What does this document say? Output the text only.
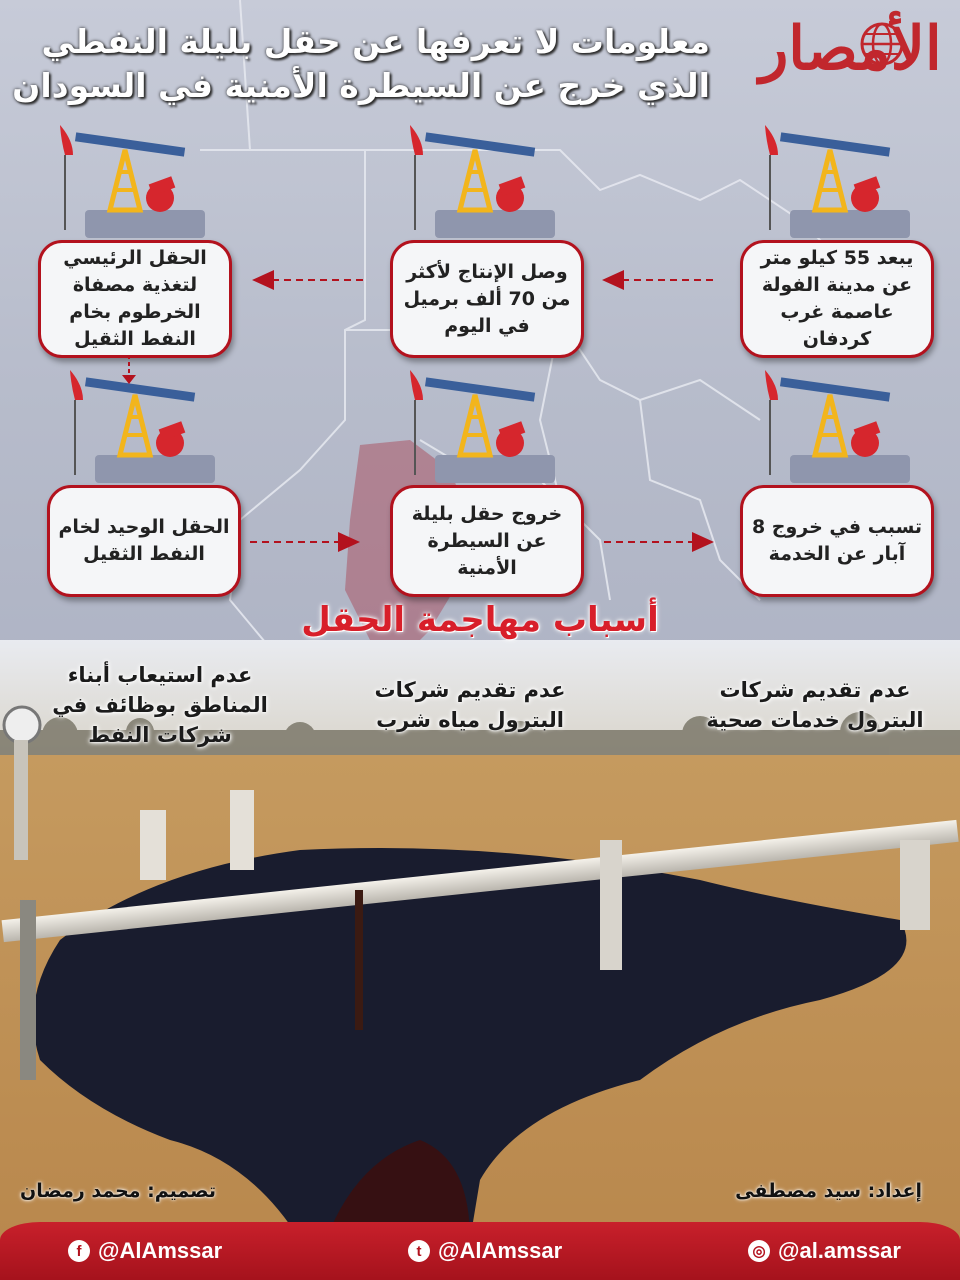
معلومات لا تعرفها عن حقل بليلة النفطي
الذي خرج عن السيطرة الأمنية في السودان
الأمصار
يبعد 55 كيلو متر عن مدينة الفولة عاصمة غرب كردفان
وصل الإنتاج لأكثر من 70 ألف برميل في اليوم
الحقل الرئيسي لتغذية مصفاة الخرطوم بخام النفط الثقيل
الحقل الوحيد لخام النفط الثقيل
خروج حقل بليلة عن السيطرة الأمنية
تسبب في خروج 8 آبار عن الخدمة
أسباب مهاجمة الحقل
عدم استيعاب أبناء المناطق بوظائف في شركات النفط
عدم تقديم شركات البترول مياه شرب
عدم تقديم شركات البترول خدمات صحية
تصميم: محمد رمضان	إعداد: سيد مصطفى
f @AlAmssar	t @AlAmssar	◎ @al.amssar
